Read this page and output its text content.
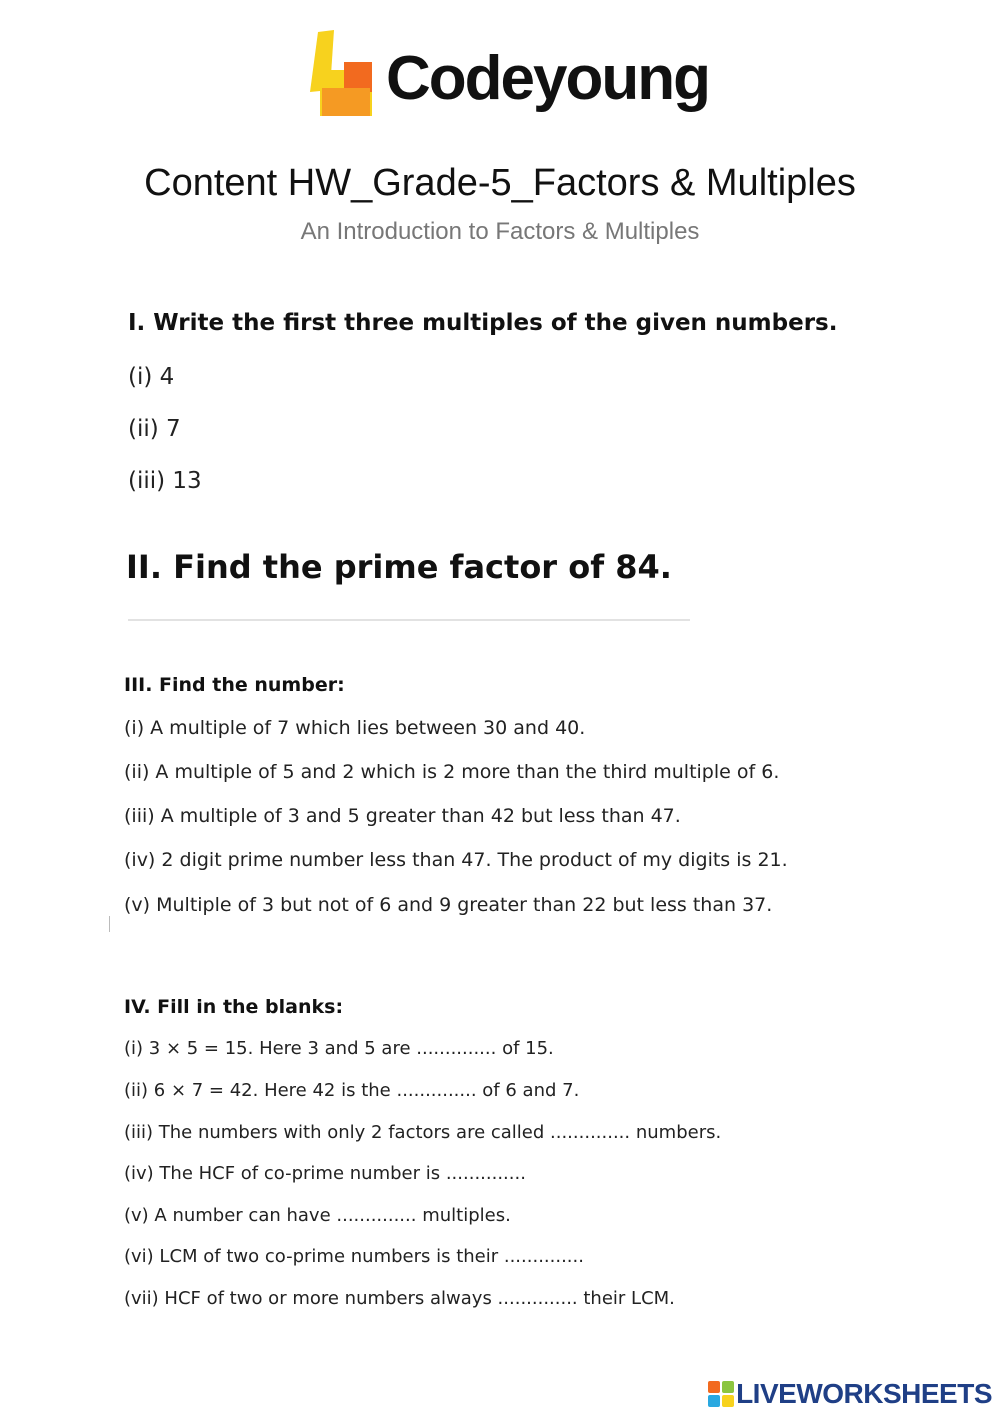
Codeyoung
Content HW_Grade-5_Factors & Multiples
An Introduction to Factors & Multiples
I. Write the first three multiples of the given numbers.
(i) 4
(ii) 7
(iii) 13
II. Find the prime factor of 84.
III. Find the number:
(i) A multiple of 7 which lies between 30 and 40.
(ii) A multiple of 5 and 2 which is 2 more than the third multiple of 6.
(iii) A multiple of 3 and 5 greater than 42 but less than 47.
(iv) 2 digit prime number less than 47. The product of my digits is 21.
(v) Multiple of 3 but not of 6 and 9 greater than 22 but less than 37.
IV. Fill in the blanks:
(i) 3 × 5 = 15. Here 3 and 5 are .............. of 15.
(ii) 6 × 7 = 42. Here 42 is the .............. of 6 and 7.
(iii) The numbers with only 2 factors are called .............. numbers.
(iv) The HCF of co-prime number is ..............
(v) A number can have .............. multiples.
(vi) LCM of two co-prime numbers is their ..............
(vii) HCF of two or more numbers always .............. their LCM.
LIVEWORKSHEETS
